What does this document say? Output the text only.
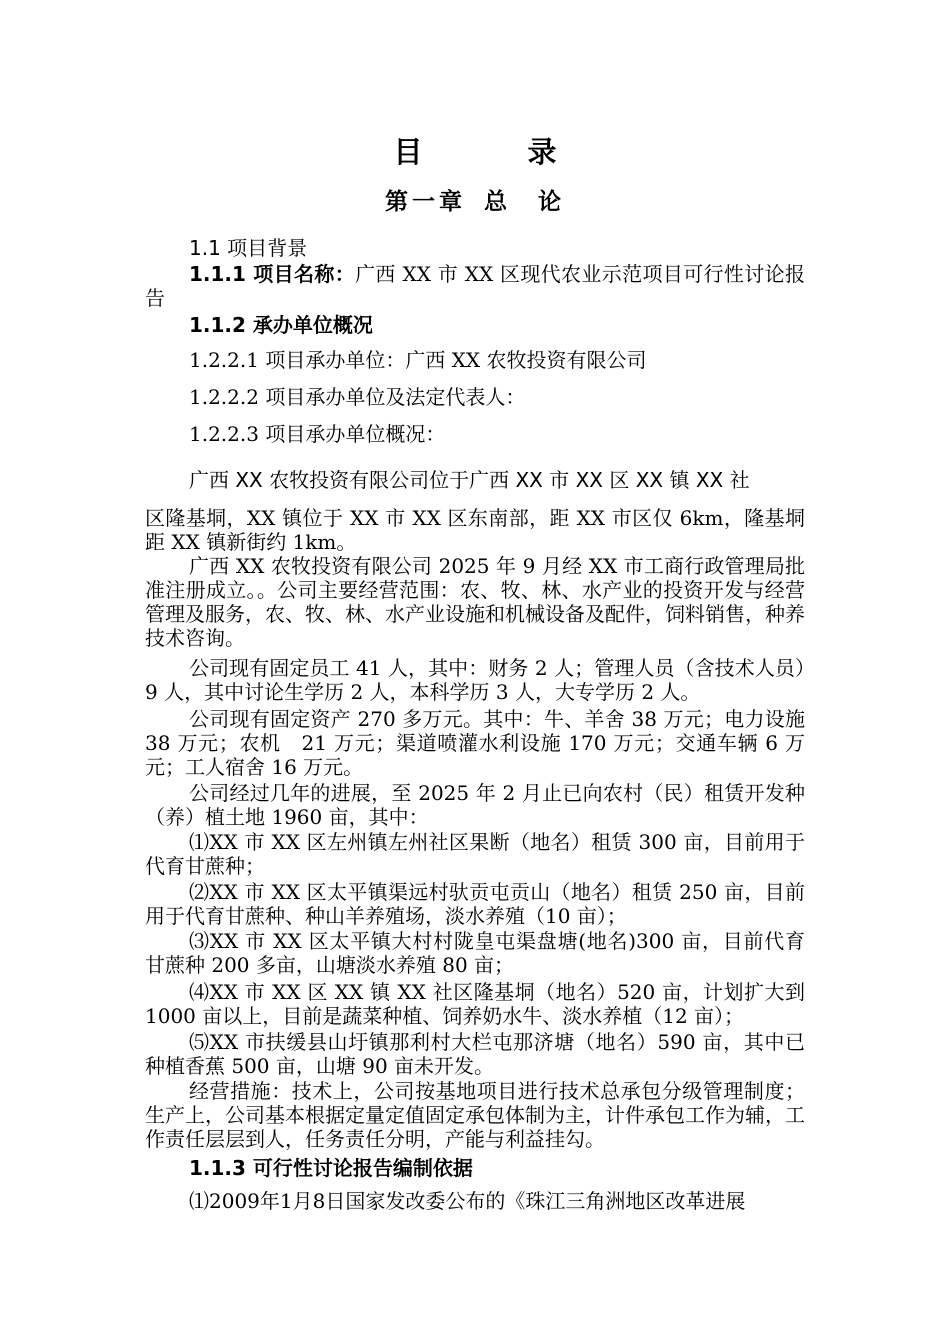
目　录
第一章 总　论
1.1 项目背景
1.1.1 项目名称：广西 XX 市 XX 区现代农业示范项目可行性讨论报告
1.1.2 承办单位概况
1.2.2.1 项目承办单位：广西 XX 农牧投资有限公司
1.2.2.2 项目承办单位及法定代表人：
1.2.2.3 项目承办单位概况：
广西 XX 农牧投资有限公司位于广西 XX 市 XX 区 XX 镇 XX 社
区隆基垌，XX 镇位于 XX 市 XX 区东南部，距 XX 市区仅 6km，隆基垌距 XX 镇新街约 1km。
广西 XX 农牧投资有限公司 2025 年 9 月经 XX 市工商行政管理局批准注册成立。。公司主要经营范围：农、牧、林、水产业的投资开发与经营管理及服务，农、牧、林、水产业设施和机械设备及配件，饲料销售，种养技术咨询。
公司现有固定员工 41 人，其中：财务 2 人；管理人员（含技术人员）9 人，其中讨论生学历 2 人，本科学历 3 人，大专学历 2 人。
公司现有固定资产 270 多万元。其中：牛、羊舍 38 万元；电力设施 38 万元；农机　21 万元；渠道喷灌水利设施 170 万元；交通车辆 6 万元；工人宿舍 16 万元。
公司经过几年的进展，至 2025 年 2 月止已向农村（民）租赁开发种（养）植土地 1960 亩，其中：
⑴XX 市 XX 区左州镇左州社区果断（地名）租赁 300 亩，目前用于代育甘蔗种；
⑵XX 市 XX 区太平镇渠远村驮贡屯贡山（地名）租赁 250 亩，目前用于代育甘蔗种、种山羊养殖场，淡水养殖（10 亩）；
⑶XX 市 XX 区太平镇大村村陇皇屯渠盘塘(地名)300 亩，目前代育甘蔗种 200 多亩，山塘淡水养殖 80 亩；
⑷XX 市 XX 区 XX 镇 XX 社区隆基垌（地名）520 亩，计划扩大到 1000 亩以上，目前是蔬菜种植、饲养奶水牛、淡水养植（12 亩）；
⑸XX 市扶缓县山圩镇那利村大栏屯那济塘（地名）590 亩，其中已种植香蕉 500 亩，山塘 90 亩未开发。
经营措施：技术上，公司按基地项目进行技术总承包分级管理制度；生产上，公司基本根据定量定值固定承包体制为主，计件承包工作为辅，工作责任层层到人，任务责任分明，产能与利益挂勾。
1.1.3 可行性讨论报告编制依据
⑴2009年1月8日国家发改委公布的《珠江三角洲地区改革进展
